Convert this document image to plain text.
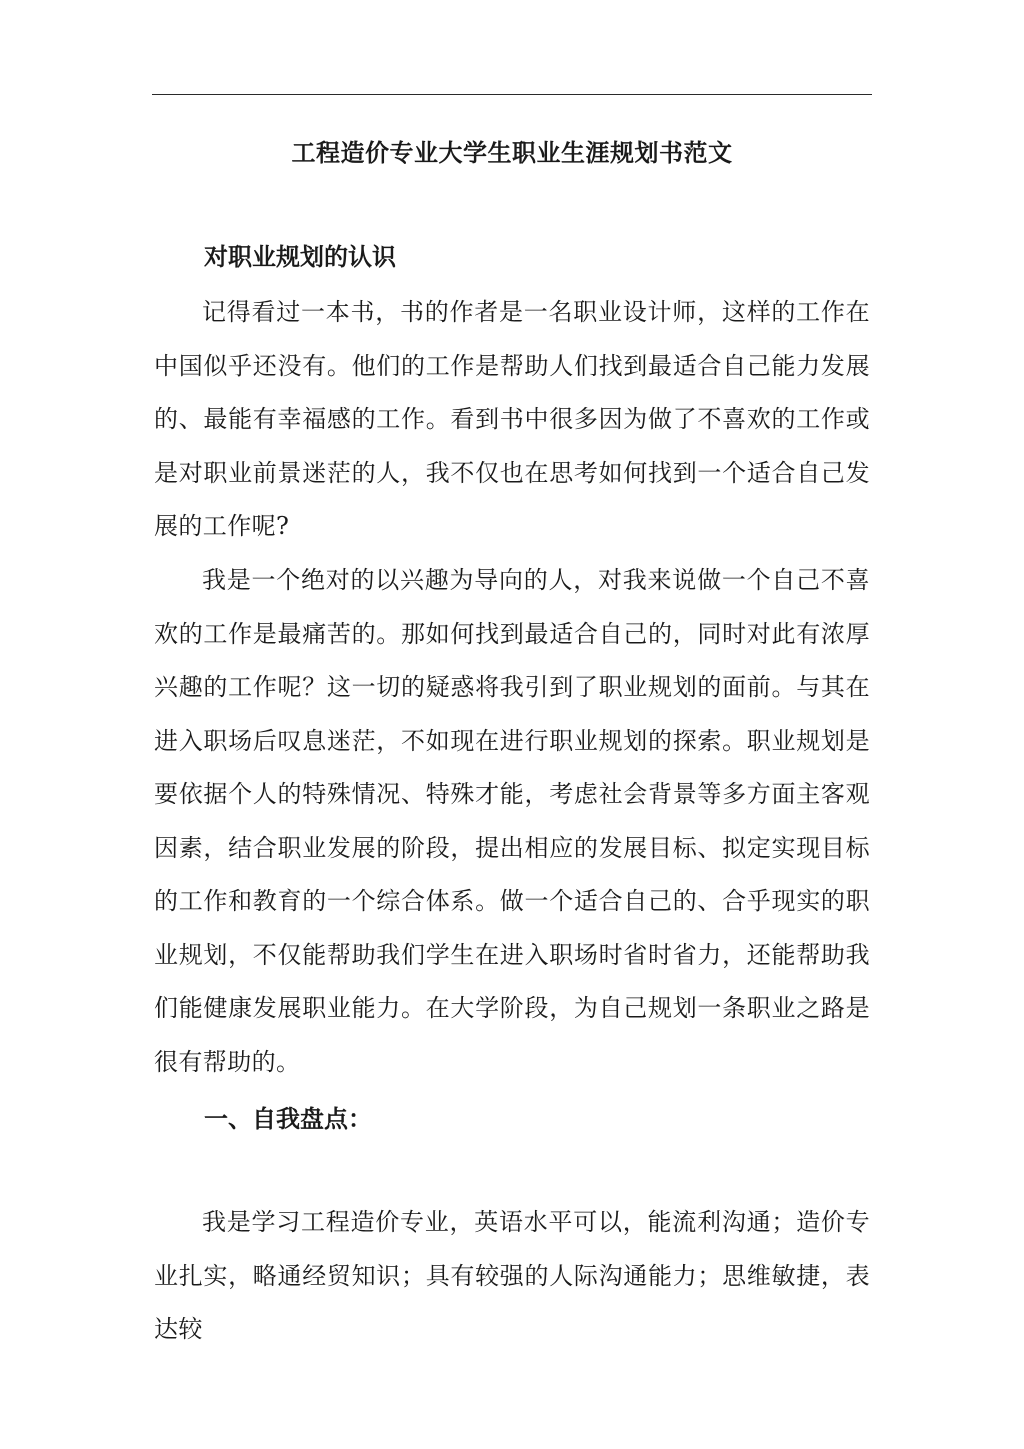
工程造价专业大学生职业生涯规划书范文
对职业规划的认识

记得看过一本书，书的作者是一名职业设计师，这样的工作在中国似乎还没有。他们的工作是帮助人们找到最适合自己能力发展的、最能有幸福感的工作。看到书中很多因为做了不喜欢的工作或是对职业前景迷茫的人，我不仅也在思考如何找到一个适合自己发展的工作呢?

我是一个绝对的以兴趣为导向的人，对我来说做一个自己不喜欢的工作是最痛苦的。那如何找到最适合自己的，同时对此有浓厚兴趣的工作呢？这一切的疑惑将我引到了职业规划的面前。与其在进入职场后叹息迷茫，不如现在进行职业规划的探索。职业规划是要依据个人的特殊情况、特殊才能，考虑社会背景等多方面主客观因素，结合职业发展的阶段，提出相应的发展目标、拟定实现目标的工作和教育的一个综合体系。做一个适合自己的、合乎现实的职业规划，不仅能帮助我们学生在进入职场时省时省力，还能帮助我们能健康发展职业能力。在大学阶段，为自己规划一条职业之路是很有帮助的。

一、自我盘点：

我是学习工程造价专业，英语水平可以，能流利沟通；造价专业扎实，略通经贸知识；具有较强的人际沟通能力；思维敏捷，表达较
